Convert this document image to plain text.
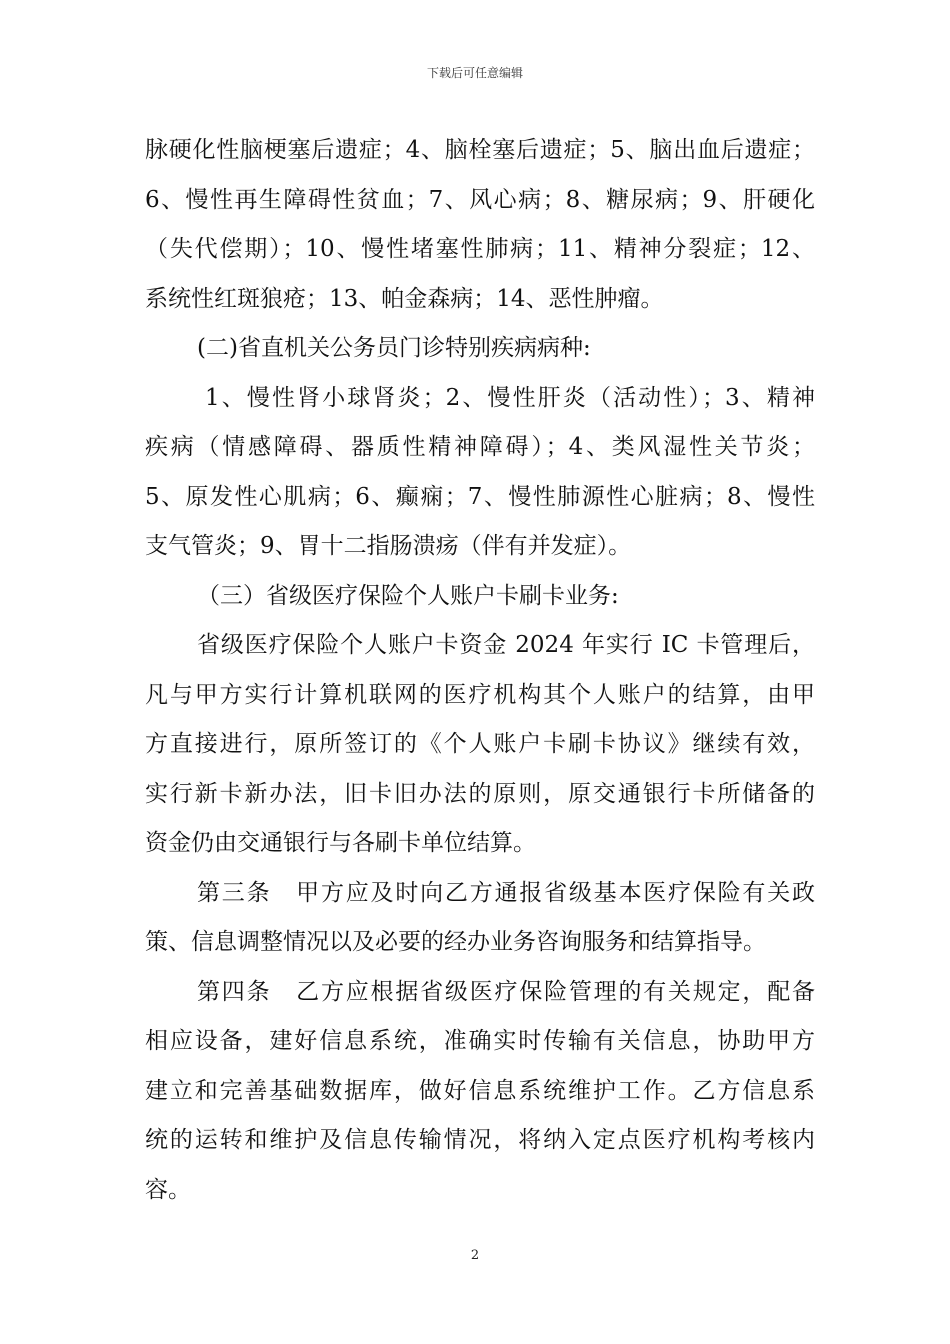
下载后可任意编辑
脉硬化性脑梗塞后遗症；4、脑栓塞后遗症；5、脑出血后遗症；
6、慢性再生障碍性贫血；7、风心病；8、糖尿病；9、肝硬化
（失代偿期）；10、慢性堵塞性肺病；11、精神分裂症；12、
系统性红斑狼疮；13、帕金森病；14、恶性肿瘤。
(二)省直机关公务员门诊特别疾病病种:
1、慢性肾小球肾炎；2、慢性肝炎（活动性）；3、精神
疾病（情感障碍、器质性精神障碍）；4、类风湿性关节炎；
5、原发性心肌病；6、癫痫；7、慢性肺源性心脏病；8、慢性
支气管炎；9、胃十二指肠溃疡（伴有并发症）。
（三）省级医疗保险个人账户卡刷卡业务:
省级医疗保险个人账户卡资金 2024 年实行 IC 卡管理后，
凡与甲方实行计算机联网的医疗机构其个人账户的结算，由甲
方直接进行，原所签订的《个人账户卡刷卡协议》继续有效，
实行新卡新办法，旧卡旧办法的原则，原交通银行卡所储备的
资金仍由交通银行与各刷卡单位结算。
第三条　甲方应及时向乙方通报省级基本医疗保险有关政
策、信息调整情况以及必要的经办业务咨询服务和结算指导。
第四条　乙方应根据省级医疗保险管理的有关规定，配备
相应设备，建好信息系统，准确实时传输有关信息，协助甲方
建立和完善基础数据库，做好信息系统维护工作。乙方信息系
统的运转和维护及信息传输情况，将纳入定点医疗机构考核内
容。
2
